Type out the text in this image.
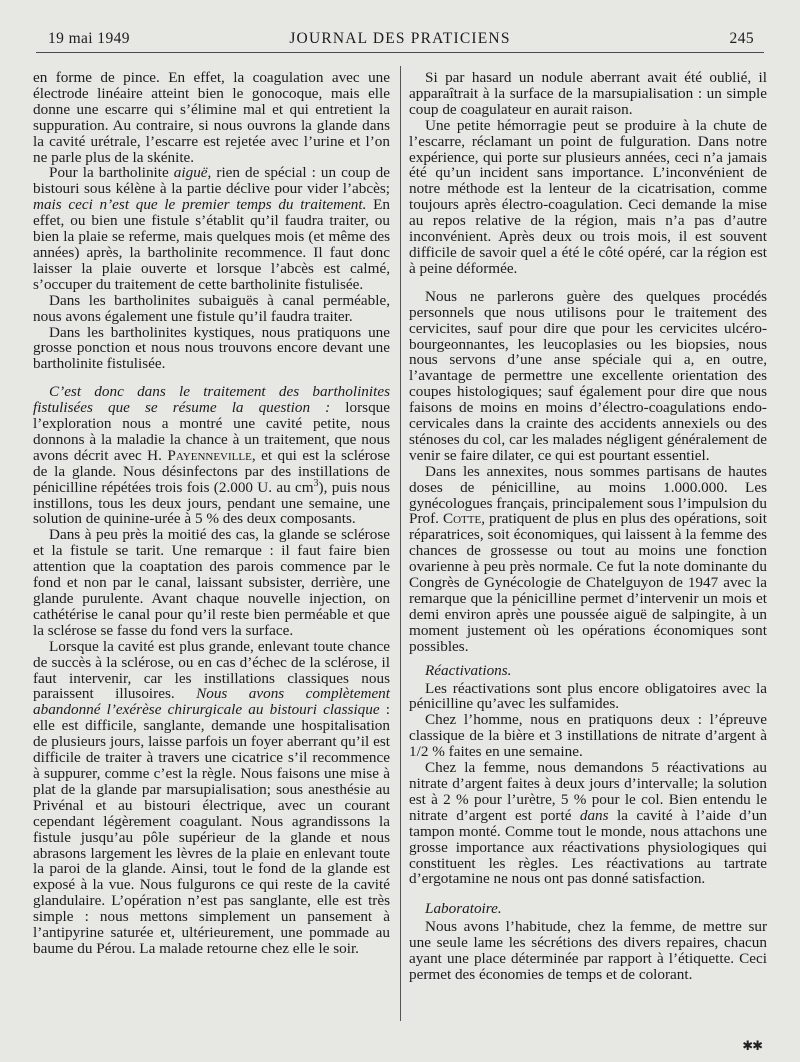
19 mai 1949	JOURNAL DES PRATICIENS	245

en forme de pince. En effet, la coagulation avec une électrode linéaire atteint bien le gonocoque, mais elle donne une escarre qui s’élimine mal et qui entretient la suppuration. Au contraire, si nous ouvrons la glande dans la cavité urétrale, l’escarre est rejetée avec l’urine et l’on ne parle plus de la skénite.

Pour la bartholinite aiguë, rien de spécial : un coup de bistouri sous kélène à la partie déclive pour vider l’abcès; mais ceci n’est que le premier temps du traitement. En effet, ou bien une fistule s’établit qu’il faudra traiter, ou bien la plaie se referme, mais quelques mois (et même des années) après, la bartholinite recommence. Il faut donc laisser la plaie ouverte et lorsque l’abcès est calmé, s’occuper du traitement de cette bartholinite fistulisée.

Dans les bartholinites subaiguës à canal perméable, nous avons également une fistule qu’il faudra traiter.

Dans les bartholinites kystiques, nous pratiquons une grosse ponction et nous nous trouvons encore devant une bartholinite fistulisée.

C’est donc dans le traitement des bartholinites fistulisées que se résume la question : lorsque l’exploration nous a montré une cavité petite, nous donnons à la maladie la chance à un traitement, que nous avons décrit avec H. Payenneville, et qui est la sclérose de la glande. Nous désinfectons par des instillations de pénicilline répétées trois fois (2.000 U. au $cm^3$), puis nous instillons, tous les deux jours, pendant une semaine, une solution de quinine-urée à 5 % des deux composants.

Dans à peu près la moitié des cas, la glande se sclérose et la fistule se tarit. Une remarque : il faut faire bien attention que la coaptation des parois commence par le fond et non par le canal, laissant subsister, derrière, une glande purulente. Avant chaque nouvelle injection, on cathétérise le canal pour qu’il reste bien perméable et que la sclérose se fasse du fond vers la surface.

Lorsque la cavité est plus grande, enlevant toute chance de succès à la sclérose, ou en cas d’échec de la sclérose, il faut intervenir, car les instillations classiques nous paraissent illusoires. Nous avons complètement abandonné l’exérèse chirurgicale au bistouri classique : elle est difficile, sanglante, demande une hospitalisation de plusieurs jours, laisse parfois un foyer aberrant qu’il est difficile de traiter à travers une cicatrice s’il recommence à suppurer, comme c’est la règle. Nous faisons une mise à plat de la glande par marsupialisation; sous anesthésie au Privénal et au bistouri électrique, avec un courant cependant légèrement coagulant. Nous agrandissons la fistule jusqu’au pôle supérieur de la glande et nous abrasons largement les lèvres de la plaie en enlevant toute la paroi de la glande. Ainsi, tout le fond de la glande est exposé à la vue. Nous fulgurons ce qui reste de la cavité glandulaire. L’opération n’est pas sanglante, elle est très simple : nous mettons simplement un pansement à l’antipyrine saturée et, ultérieurement, une pommade au baume du Pérou. La malade retourne chez elle le soir.

Si par hasard un nodule aberrant avait été oublié, il apparaîtrait à la surface de la marsupialisation : un simple coup de coagulateur en aurait raison.

Une petite hémorragie peut se produire à la chute de l’escarre, réclamant un point de fulguration. Dans notre expérience, qui porte sur plusieurs années, ceci n’a jamais été qu’un incident sans importance. L’inconvénient de notre méthode est la lenteur de la cicatrisation, comme toujours après électro-coagulation. Ceci demande la mise au repos relative de la région, mais n’a pas d’autre inconvénient. Après deux ou trois mois, il est souvent difficile de savoir quel a été le côté opéré, car la région est à peine déformée.

Nous ne parlerons guère des quelques procédés personnels que nous utilisons pour le traitement des cervicites, sauf pour dire que pour les cervicites ulcéro-bourgeonnantes, les leucoplasies ou les biopsies, nous nous servons d’une anse spéciale qui a, en outre, l’avantage de permettre une excellente orientation des coupes histologiques; sauf également pour dire que nous faisons de moins en moins d’électro-coagulations endo-cervicales dans la crainte des accidents annexiels ou des sténoses du col, car les malades négligent généralement de venir se faire dilater, ce qui est pourtant essentiel.

Dans les annexites, nous sommes partisans de hautes doses de pénicilline, au moins 1.000.000. Les gynécologues français, principalement sous l’impulsion du Prof. Cotte, pratiquent de plus en plus des opérations, soit réparatrices, soit économiques, qui laissent à la femme des chances de grossesse ou tout au moins une fonction ovarienne à peu près normale. Ce fut la note dominante du Congrès de Gynécologie de Chatelguyon de 1947 avec la remarque que la pénicilline permet d’intervenir un mois et demi environ après une poussée aiguë de salpingite, à un moment justement où les opérations économiques sont possibles.

Réactivations.

Les réactivations sont plus encore obligatoires avec la pénicilline qu’avec les sulfamides.

Chez l’homme, nous en pratiquons deux : l’épreuve classique de la bière et 3 instillations de nitrate d’argent à 1/2 % faites en une semaine.

Chez la femme, nous demandons 5 réactivations au nitrate d’argent faites à deux jours d’intervalle; la solution est à 2 % pour l’urètre, 5 % pour le col. Bien entendu le nitrate d’argent est porté dans la cavité à l’aide d’un tampon monté. Comme tout le monde, nous attachons une grosse importance aux réactivations physiologiques qui constituent les règles. Les réactivations au tartrate d’ergotamine ne nous ont pas donné satisfaction.

Laboratoire.

Nous avons l’habitude, chez la femme, de mettre sur une seule lame les sécrétions des divers repaires, chacun ayant une place déterminée par rapport à l’étiquette. Ceci permet des économies de temps et de colorant.

✱✱
